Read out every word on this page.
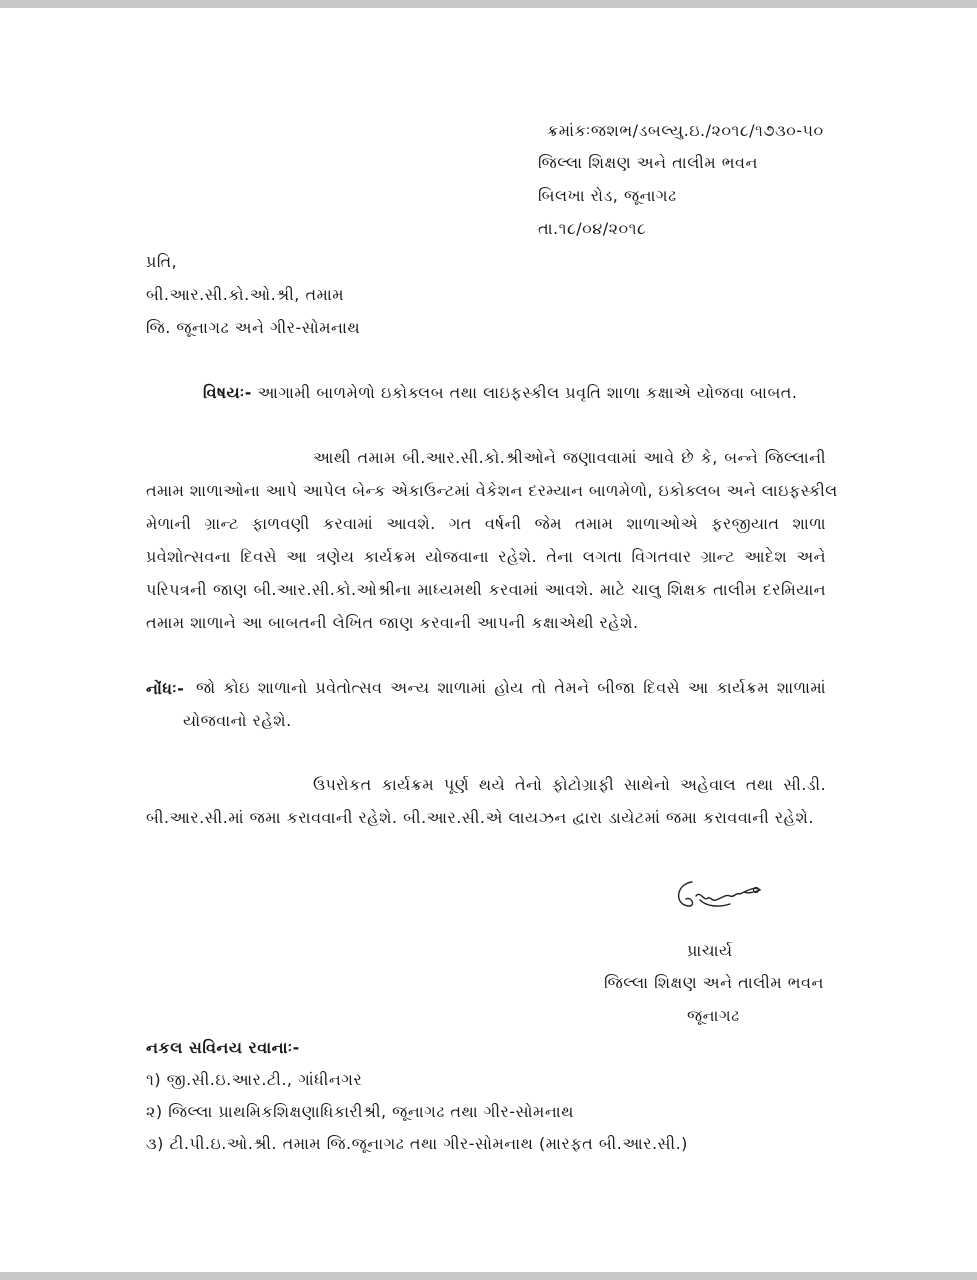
ક્રમાંકઃજશભ/ડબલ્યુ.ઇ./૨૦૧૮/૧૭૩૦-૫૦
જિલ્લા શિક્ષણ અને તાલીમ ભવન
બિલખા રોડ, જૂનાગઢ
તા.૧૮/૦૪/૨૦૧૮
પ્રતિ,
બી.આર.સી.કો.ઓ.શ્રી, તમામ
જિ. જૂનાગઢ અને ગીર-સોમનાથ
વિષયઃ- આગામી બાળમેળો ઇકોક્લબ તથા લાઇફસ્કીલ પ્રવૃતિ શાળા કક્ષાએ યોજવા બાબત.
આથી તમામ બી.આર.સી.કો.શ્રીઓને જણાવવામાં આવે છે કે, બન્ને જિલ્લાની
તમામ શાળાઓના આપે આપેલ બેન્ક એકાઉન્ટમાં વેકેશન દરમ્યાન બાળમેળો, ઇકોક્લબ અને લાઇફસ્કીલ
મેળાની ગ્રાન્ટ ફાળવણી કરવામાં આવશે. ગત વર્ષની જેમ તમામ શાળાઓએ ફરજીયાત શાળા
પ્રવેશોત્સવના દિવસે આ ત્રણેય કાર્યક્રમ યોજવાના રહેશે. તેના લગતા વિગતવાર ગ્રાન્ટ આદેશ અને
પરિપત્રની જાણ બી.આર.સી.કો.ઓશ્રીના માધ્યમથી કરવામાં આવશે. માટે ચાલુ શિક્ષક તાલીમ દરમિયાન
તમામ શાળાને આ બાબતની લેખિત જાણ કરવાની આપની કક્ષાએથી રહેશે.
નોંધઃ- જો કોઇ શાળાનો પ્રવેતોત્સવ અન્ય શાળામાં હોય તો તેમને બીજા દિવસે આ કાર્યક્રમ શાળામાં
યોજવાનો રહેશે.
ઉપરોકત કાર્યક્રમ પૂર્ણ થયે તેનો ફોટોગ્રાફી સાથેનો અહેવાલ તથા સી.ડી.
બી.આર.સી.માં જમા કરાવવાની રહેશે. બી.આર.સી.એ લાયઝન દ્વારા ડાયેટમાં જમા કરાવવાની રહેશે.
પ્રાચાર્ય
જિલ્લા શિક્ષણ અને તાલીમ ભવન
જૂનાગઢ
નકલ સવિનય રવાનાઃ-
૧) જી.સી.ઇ.આર.ટી., ગાંધીનગર
૨) જિલ્લા પ્રાથમિકશિક્ષણાધિકારીશ્રી, જૂનાગઢ તથા ગીર-સોમનાથ
૩) ટી.પી.ઇ.ઓ.શ્રી. તમામ જિ.જૂનાગઢ તથા ગીર-સોમનાથ (મારફત બી.આર.સી.)
